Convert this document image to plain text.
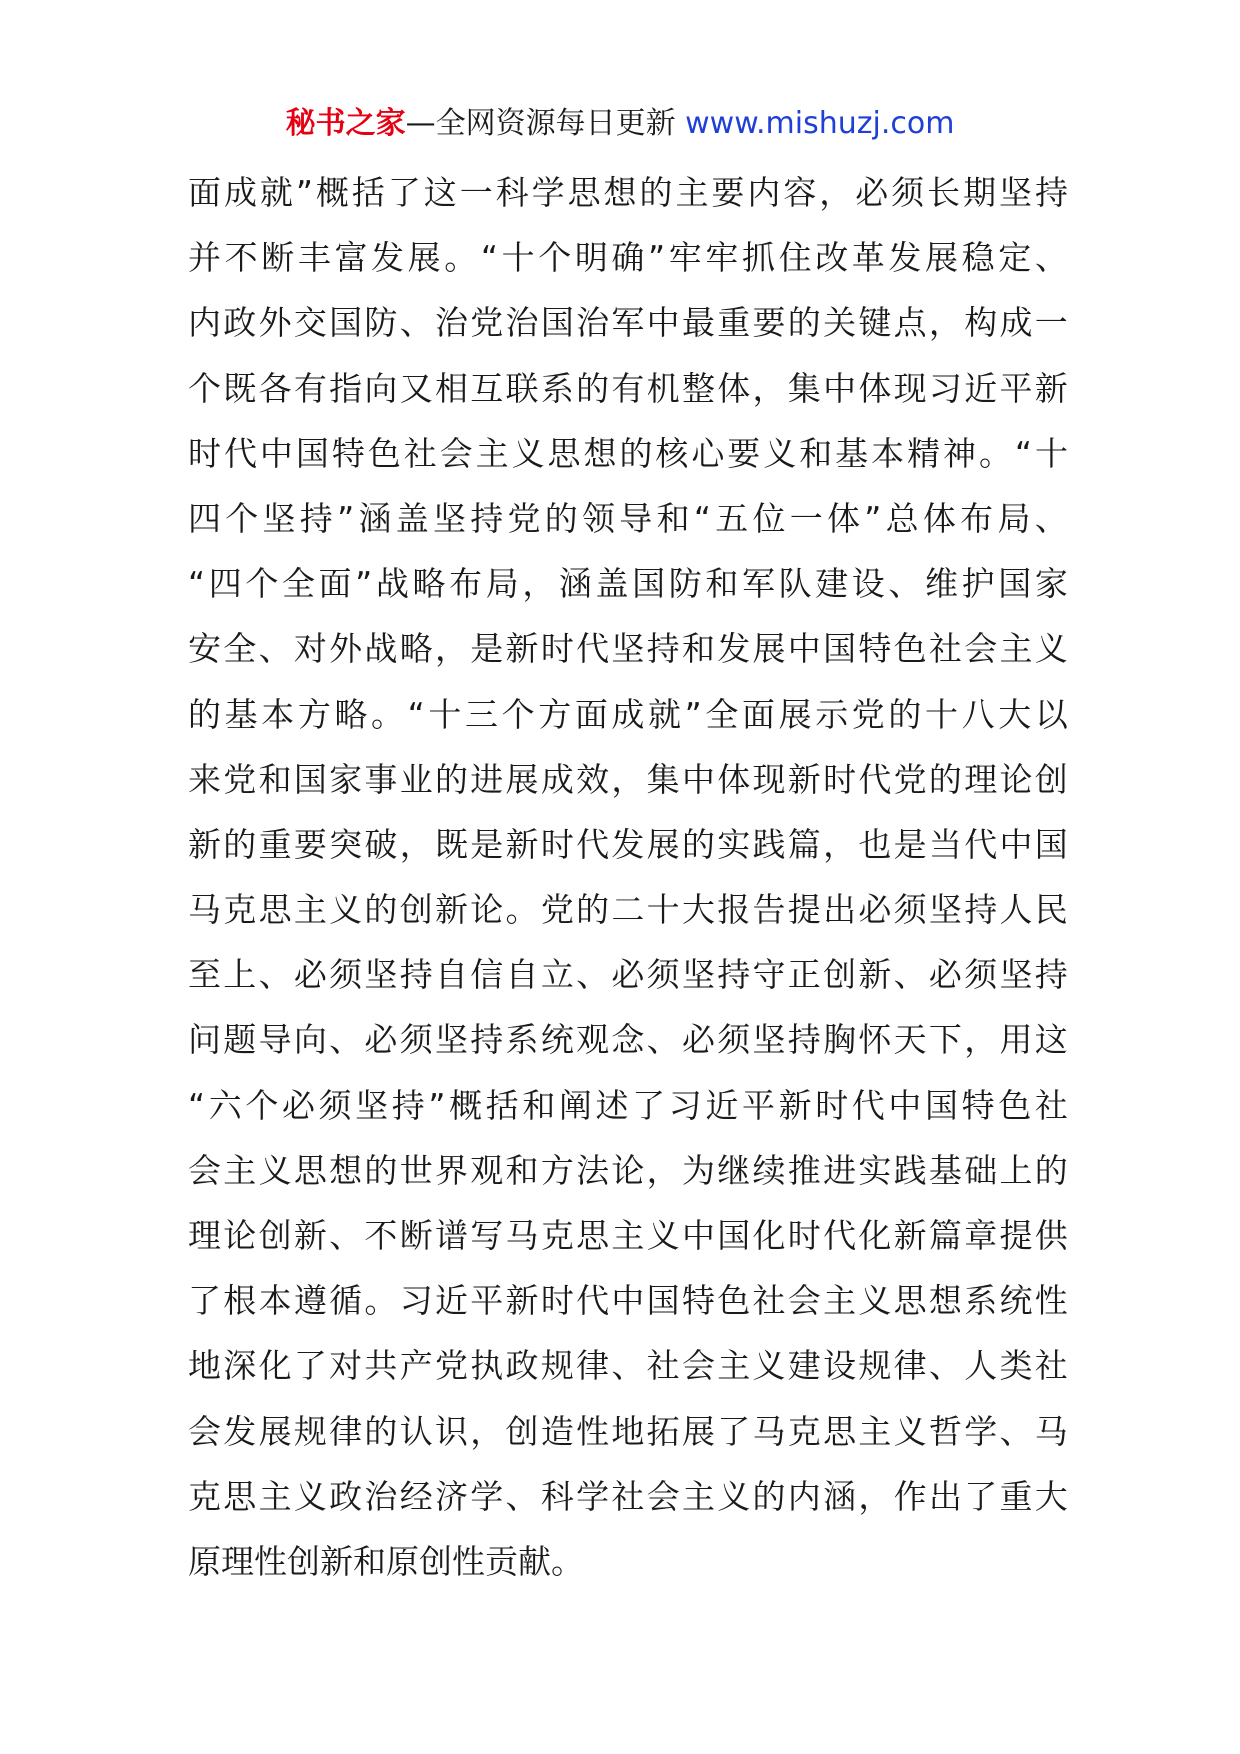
秘书之家—全网资源每日更新 www.mishuzj.com
面 成 就 ” 概 括 了 这 一 科 学 思 想 的 主 要 内 容 ， 必 须 长 期 坚 持
并 不 断 丰 富 发 展 。 “ 十 个 明 确 ” 牢 牢 抓 住 改 革 发 展 稳 定 、
内 政 外 交 国 防 、 治 党 治 国 治 军 中 最 重 要 的 关 键 点 ， 构 成 一
个 既 各 有 指 向 又 相 互 联 系 的 有 机 整 体 ， 集 中 体 现 习 近 平 新
时 代 中 国 特 色 社 会 主 义 思 想 的 核 心 要 义 和 基 本 精 神 。 “ 十
四 个 坚 持 ” 涵 盖 坚 持 党 的 领 导 和 “ 五 位 一 体 ” 总 体 布 局 、
“ 四 个 全 面 ” 战 略 布 局 ， 涵 盖 国 防 和 军 队 建 设 、 维 护 国 家
安 全 、 对 外 战 略 ， 是 新 时 代 坚 持 和 发 展 中 国 特 色 社 会 主 义
的 基 本 方 略 。 “ 十 三 个 方 面 成 就 ” 全 面 展 示 党 的 十 八 大 以
来 党 和 国 家 事 业 的 进 展 成 效 ， 集 中 体 现 新 时 代 党 的 理 论 创
新 的 重 要 突 破 ， 既 是 新 时 代 发 展 的 实 践 篇 ， 也 是 当 代 中 国
马 克 思 主 义 的 创 新 论 。 党 的 二 十 大 报 告 提 出 必 须 坚 持 人 民
至 上 、 必 须 坚 持 自 信 自 立 、 必 须 坚 持 守 正 创 新 、 必 须 坚 持
问 题 导 向 、 必 须 坚 持 系 统 观 念 、 必 须 坚 持 胸 怀 天 下 ， 用 这
“ 六 个 必 须 坚 持 ” 概 括 和 阐 述 了 习 近 平 新 时 代 中 国 特 色 社
会 主 义 思 想 的 世 界 观 和 方 法 论 ， 为 继 续 推 进 实 践 基 础 上 的
理 论 创 新 、 不 断 谱 写 马 克 思 主 义 中 国 化 时 代 化 新 篇 章 提 供
了 根 本 遵 循 。 习 近 平 新 时 代 中 国 特 色 社 会 主 义 思 想 系 统 性
地 深 化 了 对 共 产 党 执 政 规 律 、 社 会 主 义 建 设 规 律 、 人 类 社
会 发 展 规 律 的 认 识 ， 创 造 性 地 拓 展 了 马 克 思 主 义 哲 学 、 马
克 思 主 义 政 治 经 济 学 、 科 学 社 会 主 义 的 内 涵 ， 作 出 了 重 大
原理性创新和原创性贡献。
